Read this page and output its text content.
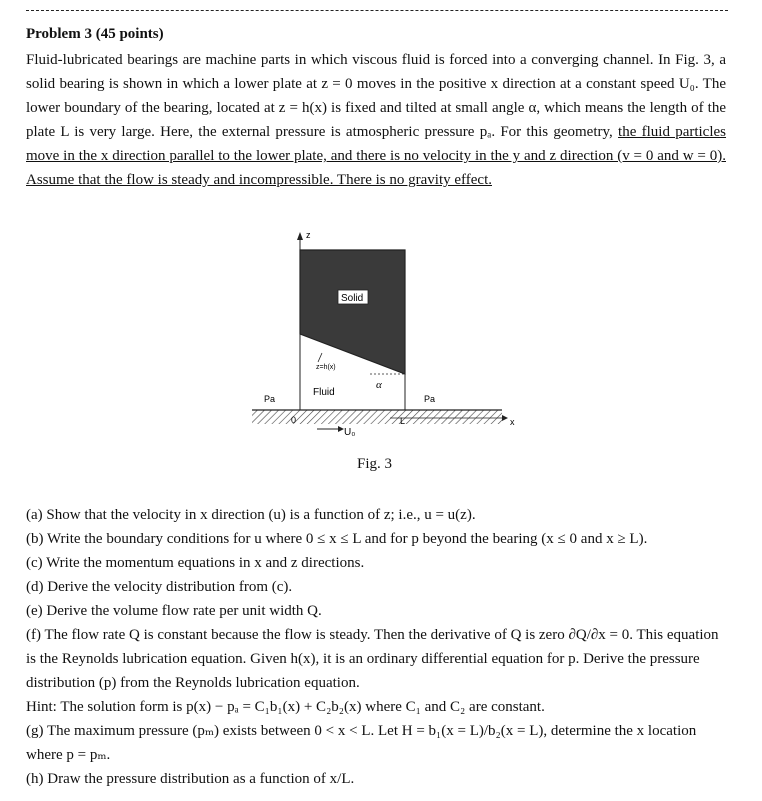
Problem 3 (45 points)
Fluid-lubricated bearings are machine parts in which viscous fluid is forced into a converging channel. In Fig. 3, a solid bearing is shown in which a lower plate at z = 0 moves in the positive x direction at a constant speed U₀. The lower boundary of the bearing, located at z = h(x) is fixed and tilted at small angle α, which means the length of the plate L is very large. Here, the external pressure is atmospheric pressure pₐ. For this geometry, the fluid particles move in the x direction parallel to the lower plate, and there is no velocity in the y and z direction (v = 0 and w = 0). Assume that the flow is steady and incompressible. There is no gravity effect.
z
x
Solid
z=h(x)
Fluid
α
Pa	Pa
0
U₀
L
Fig. 3
(a) Show that the velocity in x direction (u) is a function of z; i.e., u = u(z).
(b) Write the boundary conditions for u where 0 ≤ x ≤ L and for p beyond the bearing (x ≤ 0 and x ≥ L).
(c) Write the momentum equations in x and z directions.
(d) Derive the velocity distribution from (c).
(e) Derive the volume flow rate per unit width Q.
(f) The flow rate Q is constant because the flow is steady. Then the derivative of Q is zero ∂Q/∂x = 0. This equation is the Reynolds lubrication equation. Given h(x), it is an ordinary differential equation for p. Derive the pressure distribution (p) from the Reynolds lubrication equation.
Hint: The solution form is p(x) − pₐ = C₁b₁(x) + C₂b₂(x) where C₁ and C₂ are constant.
(g) The maximum pressure (pₘ) exists between 0 < x < L. Let H = b₁(x = L)/b₂(x = L), determine the x location where p = pₘ.
(h) Draw the pressure distribution as a function of x/L.
